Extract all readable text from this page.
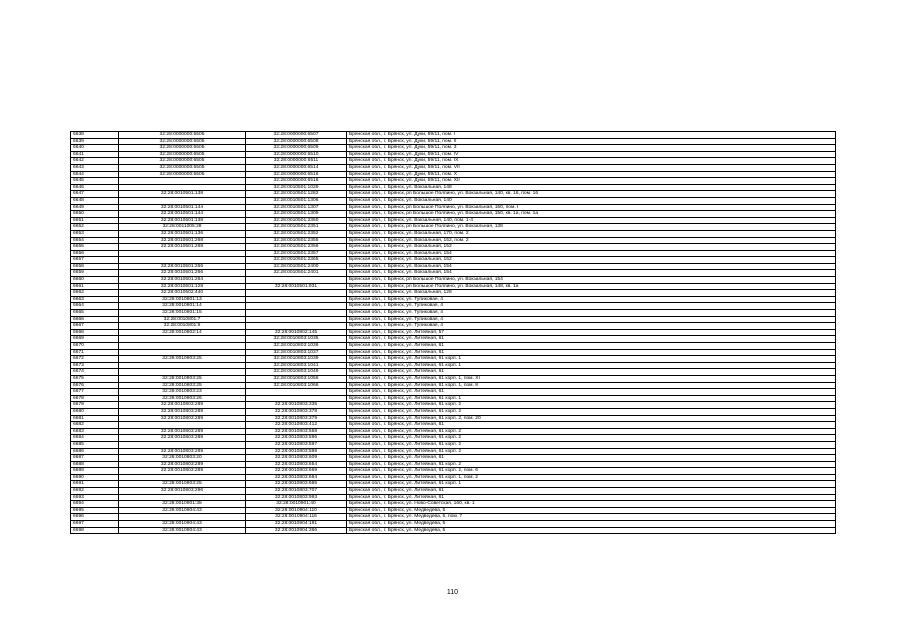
6638	32:28:0000000:6505	32:28:0000000:6507	Брянская обл., г. Брянск, ул. Дуки, 59/11, пом. I
6639	32:28:0000000:6505	32:28:0000000:6508	Брянская обл., г. Брянск, ул. Дуки, 59/11, пом. II
6640	32:28:0000000:6505	32:28:0000000:6509	Брянская обл., г. Брянск, ул. Дуки, 59/11, пом. 3
6641	32:28:0000000:6505	32:28:0000000:6510	Брянская обл., г. Брянск, ул. Дуки, 59/11, пом. IV
6642	32:28:0000000:6505	32:28:0000000:6511	Брянская обл., г. Брянск, ул. Дуки, 59/11, пом. IX
6643	32:28:0000000:6505	32:28:0000000:6514	Брянская обл., г. Брянск, ул. Дуки, 59/11, пом. VII
6644	32:28:0000000:6505	32:28:0000000:6516	Брянская обл., г. Брянск, ул. Дуки, 59/11, пом. X
6645		32:28:0000000:6518	Брянская обл., г. Брянск, ул. Дуки, 59/11, пом. XII
6646		32:28:0010501:1029	Брянская обл., г. Брянск, ул. Вокзальная, 148
6647	32:28:0010501:138	32:28:0010501:1282	Брянская обл., г. Брянск, рп Большое Полпино, ул. Вокзальная, 140, кв. 16, пом. 16
6648		32:28:0010501:1306	Брянская обл., г. Брянск, ул. Вокзальная, 140
6649	32:28:0010501:144	32:28:0010501:1307	Брянская обл., г. Брянск, рп Большое Полпино, ул. Вокзальная, 150, пом. I
6650	32:28:0010501:144	32:28:0010501:1309	Брянская обл., г. Брянск, рп Большое Полпино, ул. Вокзальная, 150, кв. 1а, пом. 1а
6651	32:28:0010501:138	32:28:0010501:2350	Брянская обл., г. Брянск, ул. Вокзальная, 140, пом. 1-4
6652	32:28:0011005:28	32:28:0010501:2351	Брянская обл., г. Брянск, рп Большое Полпино, ул. Вокзальная, 138
6653	32:28:0010501:136	32:28:0010501:2352	Брянская обл., г. Брянск, ул. Вокзальная, 170, пом. 2
6654	32:28:0010501:268	32:28:0010501:2355	Брянская обл., г. Брянск, ул. Вокзальная, 152, пом. 2
6655	32:28:0010501:268	32:28:0010501:2356	Брянская обл., г. Брянск, ул. Вокзальная, 152
6656		32:28:0010501:2357	Брянская обл., г. Брянск, ул. Вокзальная, 154
6657		32:28:0010501:2365	Брянская обл., г. Брянск, ул. Вокзальная, 152
6658	32:28:0010501:266	32:28:0010501:2400	Брянская обл., г. Брянск, ул. Вокзальная, 154
6659	32:28:0010501:266	32:28:0010501:2401	Брянская обл., г. Брянск, ул. Вокзальная, 154
6660	32:28:0010501:264		Брянская обл., г. Брянск, рп Большое Полпино, ул. Вокзальная, 154
6661	32:28:0010501:128	32:28:0010501:931	Брянская обл., г. Брянск, рп Большое Полпино, ул. Вокзальная, 148, кв. 1а
6662	32:28:0010502:440		Брянская обл., г. Брянск, ул. Вокзальная, 128
6663	32:28:0010801:13		Брянская обл., г. Брянск, ул. Тупиковая, 4
6664	32:28:0010801:14		Брянская обл., г. Брянск, ул. Тупиковая, 4
6665	32:28:0010801:15		Брянская обл., г. Брянск, ул. Тупиковая, 4
6666	32:28:0010801:7		Брянская обл., г. Брянск, ул. Тупиковая, 4
6667	32:28:0010801:9		Брянская обл., г. Брянск, ул. Тупиковая, 4
6668	32:28:0010802:14	32:28:0010802:145	Брянская обл., г. Брянск, ул. Литейная, 57
6669		32:28:0010803:1035	Брянская обл., г. Брянск, ул. Литейная, 61
6670		32:28:0010803:1036	Брянская обл., г. Брянск, ул. Литейная, 61
6671		32:28:0010803:1037	Брянская обл., г. Брянск, ул. Литейная, 61
6672	32:28:0010803:25	32:28:0010803:1039	Брянская обл., г. Брянск, ул. Литейная, 61 корп. 1
6673		32:28:0010803:1041	Брянская обл., г. Брянск, ул. Литейная, 61 корп. 1
6674		32:28:0010803:1049	Брянская обл., г. Брянск, ул. Литейная, 61
6675	32:28:0010803:25	32:28:0010803:1056	Брянская обл., г. Брянск, ул. Литейная, 61 корп. 1, пом. XI
6676	32:28:0010803:25	32:28:0010803:1066	Брянская обл., г. Брянск, ул. Литейная, 61 корп. 1, пом. 8
6677	32:28:0010803:23		Брянская обл., г. Брянск, ул. Литейная, 61
6678	32:28:0010803:26		Брянская обл., г. Брянск, ул. Литейная, 61 корп. 1
6679	32:28:0010803:289	32:28:0010803:335	Брянская обл., г. Брянск, ул. Литейная, 61 корп. 2
6680	32:28:0010803:289	32:28:0010803:378	Брянская обл., г. Брянск, ул. Литейная, 61 корп. 2
6681	32:28:0010803:289	32:28:0010803:379	Брянская обл., г. Брянск, ул. Литейная, 61 корп. 2, пом. 20
6682		32:28:0010803:412	Брянская обл., г. Брянск, ул. Литейная, 61
6683	32:28:0010803:289	32:28:0010803:558	Брянская обл., г. Брянск, ул. Литейная, 61 корп. 2
6684	32:28:0010803:289	32:28:0010803:596	Брянская обл., г. Брянск, ул. Литейная, 61 корп. 2
6685		32:28:0010803:597	Брянская обл., г. Брянск, ул. Литейная, 61 корп. 2
6686	32:28:0010803:289	32:28:0010803:598	Брянская обл., г. Брянск, ул. Литейная, 61 корп. 2
6687	32:28:0010803:20	32:28:0010803:609	Брянская обл., г. Брянск, ул. Литейная, 61
6688	32:28:0010803:289	32:28:0010803:654	Брянская обл., г. Брянск, ул. Литейная, 61 корп. 2
6689	32:28:0010803:289	32:28:0010803:669	Брянская обл., г. Брянск, ул. Литейная, 61 корп. 2, пом. 6
6690		32:28:0010803:694	Брянская обл., г. Брянск, ул. Литейная, 61 корп. 1, пом. 2
6691	32:28:0010803:25	32:28:0010803:695	Брянская обл., г. Брянск, ул. Литейная, 61 корп. 1
6692	32:28:0010803:296	32:28:0010803:707	Брянская обл., г. Брянск, ул. Литейная, 61
6693		32:28:0010803:993	Брянская обл., г. Брянск, ул. Литейная, 61
6694	32:28:0010901:38	32:28:0010901:40	Брянская обл., г. Брянск, ул. Ново-Советская, 160, кв. 1
6695	32:28:0010904:43	32:28:0010904:110	Брянская обл., г. Брянск, ул. Медведева, 5
6696		32:28:0010904:116	Брянская обл., г. Брянск, ул. Медведева, 5, пом. 7
6697	32:28:0010904:43	32:28:0010904:181	Брянская обл., г. Брянск, ул. Медведева, 5
6698	32:28:0010904:43	32:28:0010904:366	Брянская обл., г. Брянск, ул. Медведева, 5
110
